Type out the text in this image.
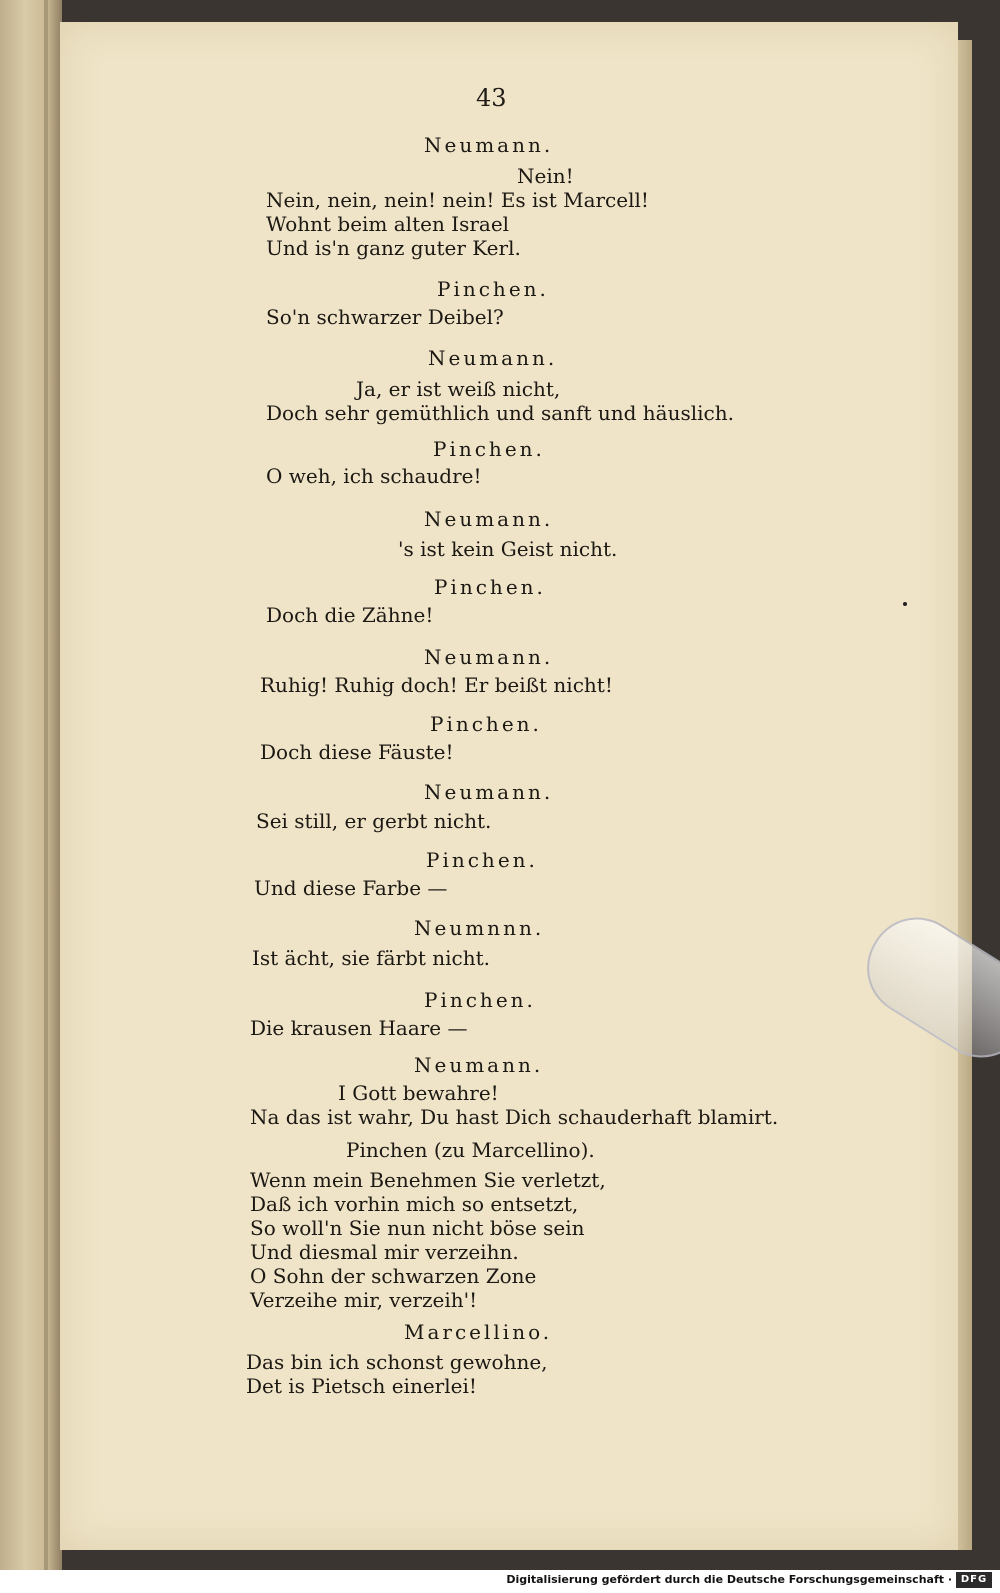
43
Neumann.
Nein!
Nein, nein, nein! nein! Es ist Marcell!
Wohnt beim alten Israel
Und is'n ganz guter Kerl.
Pinchen.
So'n schwarzer Deibel?
Neumann.
Ja, er ist weiß nicht,
Doch sehr gemüthlich und sanft und häuslich.
Pinchen.
O weh, ich schaudre!
Neumann.
's ist kein Geist nicht.
Pinchen.
Doch die Zähne!
Neumann.
Ruhig! Ruhig doch! Er beißt nicht!
Pinchen.
Doch diese Fäuste!
Neumann.
Sei still, er gerbt nicht.
Pinchen.
Und diese Farbe —
Neumnnn.
Ist ächt, sie färbt nicht.
Pinchen.
Die krausen Haare —
Neumann.
I Gott bewahre!
Na das ist wahr, Du hast Dich schauderhaft blamirt.
Pinchen (zu Marcellino).
Wenn mein Benehmen Sie verletzt,
Daß ich vorhin mich so entsetzt,
So woll'n Sie nun nicht böse sein
Und diesmal mir verzeihn.
O Sohn der schwarzen Zone
Verzeihe mir, verzeih'!
Marcellino.
Das bin ich schonst gewohne,
Det is Pietsch einerlei!
Digitalisierung gefördert durch die Deutsche Forschungsgemeinschaft · DFG
